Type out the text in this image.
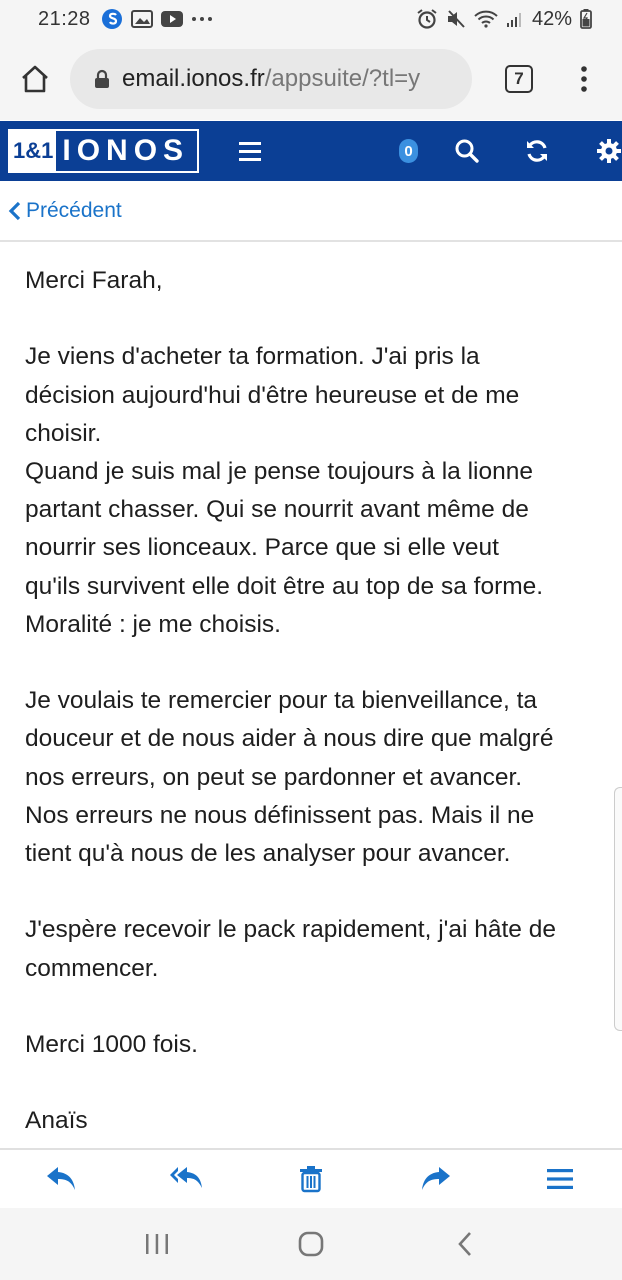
21:28	42%
email.ionos.fr /appsuite/?tl=y	7
1&1 IONOS	0
Précédent

Merci Farah,

Je viens d'acheter ta formation. J'ai pris la

décision aujourd'hui d'être heureuse et de me

choisir.

Quand je suis mal je pense toujours à la lionne

partant chasser. Qui se nourrit avant même de

nourrir ses lionceaux. Parce que si elle veut

qu'ils survivent elle doit être au top de sa forme.

Moralité : je me choisis.

Je voulais te remercier pour ta bienveillance, ta

douceur et de nous aider à nous dire que malgré

nos erreurs, on peut se pardonner et avancer.

Nos erreurs ne nous définissent pas. Mais il ne

tient qu'à nous de les analyser pour avancer.

J'espère recevoir le pack rapidement, j'ai hâte de

commencer.

Merci 1000 fois.

Anaïs
